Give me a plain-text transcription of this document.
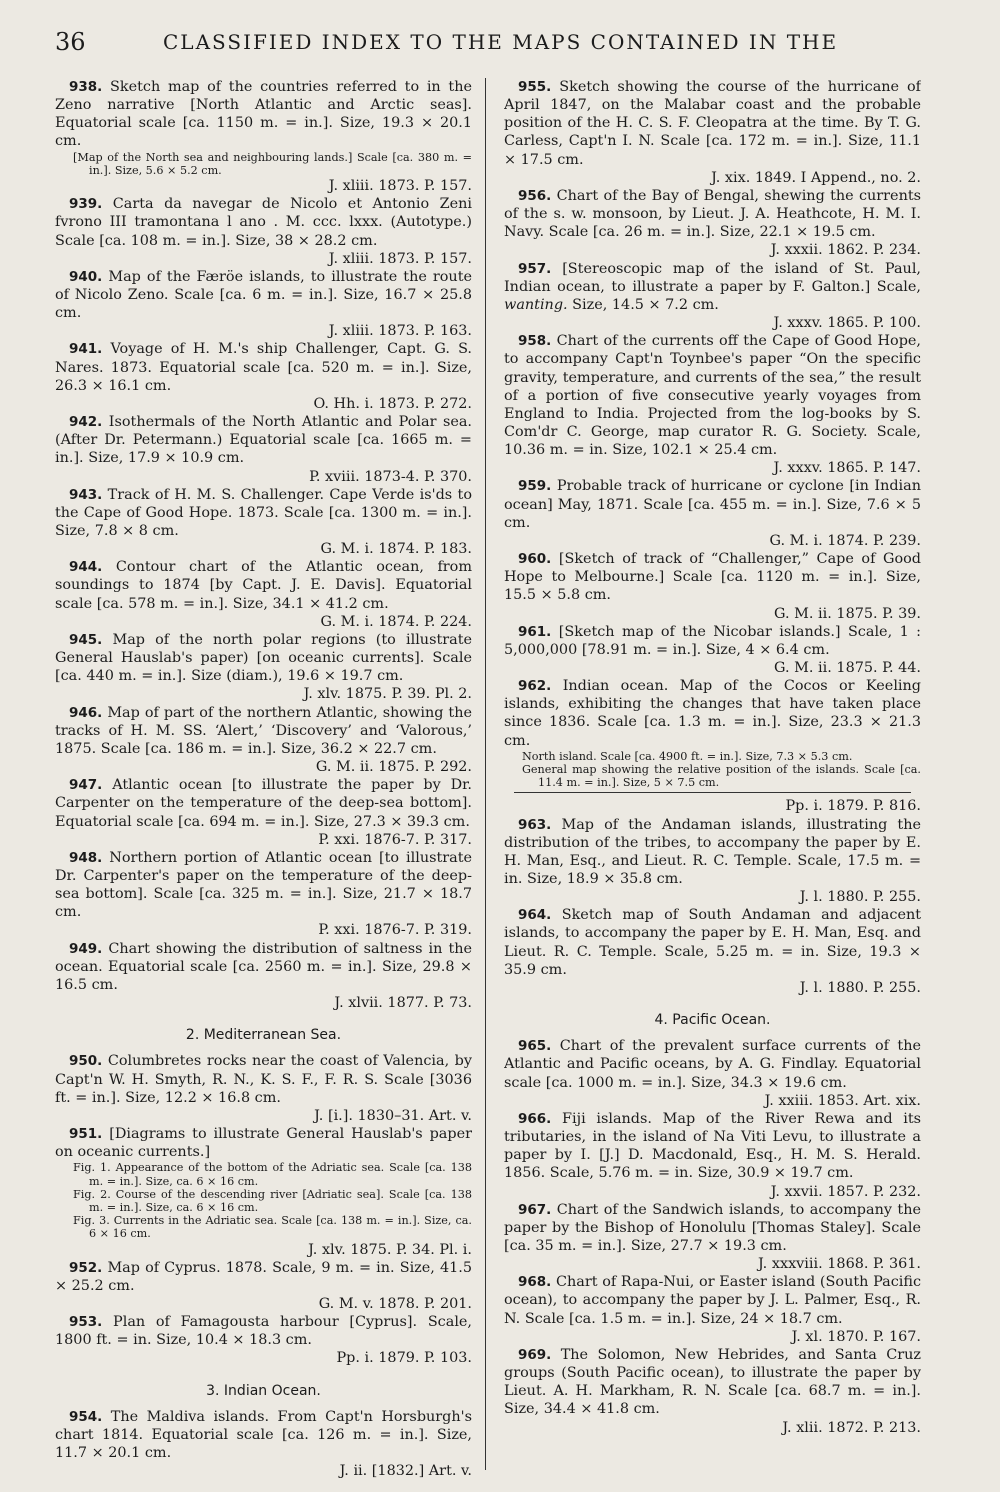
36	CLASSIFIED INDEX TO THE MAPS CONTAINED IN THE

938. Sketch map of the countries referred to in the Zeno narrative [North Atlantic and Arctic seas]. Equatorial scale [ca. 1150 m. = in.]. Size, 19.3 × 20.1 cm.

[Map of the North sea and neighbouring lands.] Scale [ca. 380 m. = in.]. Size, 5.6 × 5.2 cm.

J. xliii. 1873. P. 157.

939. Carta da navegar de Nicolo et Antonio Zeni fvrono III tramontana l ano . M. ccc. lxxx. (Autotype.) Scale [ca. 108 m. = in.]. Size, 38 × 28.2 cm.

J. xliii. 1873. P. 157.

940. Map of the Færöe islands, to illustrate the route of Nicolo Zeno. Scale [ca. 6 m. = in.]. Size, 16.7 × 25.8 cm.

J. xliii. 1873. P. 163.

941. Voyage of H. M.'s ship Challenger, Capt. G. S. Nares. 1873. Equatorial scale [ca. 520 m. = in.]. Size, 26.3 × 16.1 cm.

O. Hh. i. 1873. P. 272.

942. Isothermals of the North Atlantic and Polar sea. (After Dr. Petermann.) Equatorial scale [ca. 1665 m. = in.]. Size, 17.9 × 10.9 cm.

P. xviii. 1873-4. P. 370.

943. Track of H. M. S. Challenger. Cape Verde is'ds to the Cape of Good Hope. 1873. Scale [ca. 1300 m. = in.]. Size, 7.8 × 8 cm.

G. M. i. 1874. P. 183.

944. Contour chart of the Atlantic ocean, from soundings to 1874 [by Capt. J. E. Davis]. Equatorial scale [ca. 578 m. = in.]. Size, 34.1 × 41.2 cm.

G. M. i. 1874. P. 224.

945. Map of the north polar regions (to illustrate General Hauslab's paper) [on oceanic currents]. Scale [ca. 440 m. = in.]. Size (diam.), 19.6 × 19.7 cm.

J. xlv. 1875. P. 39. Pl. 2.

946. Map of part of the northern Atlantic, showing the tracks of H. M. SS. ‘Alert,’ ‘Discovery’ and ‘Valorous,’ 1875. Scale [ca. 186 m. = in.]. Size, 36.2 × 22.7 cm.

G. M. ii. 1875. P. 292.

947. Atlantic ocean [to illustrate the paper by Dr. Carpenter on the temperature of the deep-sea bottom]. Equatorial scale [ca. 694 m. = in.]. Size, 27.3 × 39.3 cm.

P. xxi. 1876-7. P. 317.

948. Northern portion of Atlantic ocean [to illustrate Dr. Carpenter's paper on the temperature of the deep-sea bottom]. Scale [ca. 325 m. = in.]. Size, 21.7 × 18.7 cm.

P. xxi. 1876-7. P. 319.

949. Chart showing the distribution of saltness in the ocean. Equatorial scale [ca. 2560 m. = in.]. Size, 29.8 × 16.5 cm.

J. xlvii. 1877. P. 73.
2. Mediterranean Sea.

950. Columbretes rocks near the coast of Valencia, by Capt'n W. H. Smyth, R. N., K. S. F., F. R. S. Scale [3036 ft. = in.]. Size, 12.2 × 16.8 cm.

J. [i.]. 1830–31. Art. v.

951. [Diagrams to illustrate General Hauslab's paper on oceanic currents.]

Fig. 1. Appearance of the bottom of the Adriatic sea. Scale [ca. 138 m. = in.]. Size, ca. 6 × 16 cm.

Fig. 2. Course of the descending river [Adriatic sea]. Scale [ca. 138 m. = in.]. Size, ca. 6 × 16 cm.

Fig. 3. Currents in the Adriatic sea. Scale [ca. 138 m. = in.]. Size, ca. 6 × 16 cm.

J. xlv. 1875. P. 34. Pl. i.

952. Map of Cyprus. 1878. Scale, 9 m. = in. Size, 41.5 × 25.2 cm.

G. M. v. 1878. P. 201.

953. Plan of Famagousta harbour [Cyprus]. Scale, 1800 ft. = in. Size, 10.4 × 18.3 cm.

Pp. i. 1879. P. 103.
3. Indian Ocean.

954. The Maldiva islands. From Capt'n Horsburgh's chart 1814. Equatorial scale [ca. 126 m. = in.]. Size, 11.7 × 20.1 cm.

J. ii. [1832.] Art. v.

955. Sketch showing the course of the hurricane of April 1847, on the Malabar coast and the probable position of the H. C. S. F. Cleopatra at the time. By T. G. Carless, Capt'n I. N. Scale [ca. 172 m. = in.]. Size, 11.1 × 17.5 cm.

J. xix. 1849. I Append., no. 2.

956. Chart of the Bay of Bengal, shewing the currents of the s. w. monsoon, by Lieut. J. A. Heathcote, H. M. I. Navy. Scale [ca. 26 m. = in.]. Size, 22.1 × 19.5 cm.

J. xxxii. 1862. P. 234.

957. [Stereoscopic map of the island of St. Paul, Indian ocean, to illustrate a paper by F. Galton.] Scale, wanting. Size, 14.5 × 7.2 cm.

J. xxxv. 1865. P. 100.

958. Chart of the currents off the Cape of Good Hope, to accompany Capt'n Toynbee's paper “On the specific gravity, temperature, and currents of the sea,” the result of a portion of five consecutive yearly voyages from England to India. Projected from the log-books by S. Com'dr C. George, map curator R. G. Society. Scale, 10.36 m. = in. Size, 102.1 × 25.4 cm.

J. xxxv. 1865. P. 147.

959. Probable track of hurricane or cyclone [in Indian ocean] May, 1871. Scale [ca. 455 m. = in.]. Size, 7.6 × 5 cm.

G. M. i. 1874. P. 239.

960. [Sketch of track of “Challenger,” Cape of Good Hope to Melbourne.] Scale [ca. 1120 m. = in.]. Size, 15.5 × 5.8 cm.

G. M. ii. 1875. P. 39.

961. [Sketch map of the Nicobar islands.] Scale, 1 : 5,000,000 [78.91 m. = in.]. Size, 4 × 6.4 cm.

G. M. ii. 1875. P. 44.

962. Indian ocean. Map of the Cocos or Keeling islands, exhibiting the changes that have taken place since 1836. Scale [ca. 1.3 m. = in.]. Size, 23.3 × 21.3 cm.

North island. Scale [ca. 4900 ft. = in.]. Size, 7.3 × 5.3 cm.

General map showing the relative position of the islands. Scale [ca. 11.4 m. = in.]. Size, 5 × 7.5 cm.

Pp. i. 1879. P. 816.

963. Map of the Andaman islands, illustrating the distribution of the tribes, to accompany the paper by E. H. Man, Esq., and Lieut. R. C. Temple. Scale, 17.5 m. = in. Size, 18.9 × 35.8 cm.

J. l. 1880. P. 255.

964. Sketch map of South Andaman and adjacent islands, to accompany the paper by E. H. Man, Esq. and Lieut. R. C. Temple. Scale, 5.25 m. = in. Size, 19.3 × 35.9 cm.

J. l. 1880. P. 255.
4. Pacific Ocean.

965. Chart of the prevalent surface currents of the Atlantic and Pacific oceans, by A. G. Findlay. Equatorial scale [ca. 1000 m. = in.]. Size, 34.3 × 19.6 cm.

J. xxiii. 1853. Art. xix.

966. Fiji islands. Map of the River Rewa and its tributaries, in the island of Na Viti Levu, to illustrate a paper by I. [J.] D. Macdonald, Esq., H. M. S. Herald. 1856. Scale, 5.76 m. = in. Size, 30.9 × 19.7 cm.

J. xxvii. 1857. P. 232.

967. Chart of the Sandwich islands, to accompany the paper by the Bishop of Honolulu [Thomas Staley]. Scale [ca. 35 m. = in.]. Size, 27.7 × 19.3 cm.

J. xxxviii. 1868. P. 361.

968. Chart of Rapa-Nui, or Easter island (South Pacific ocean), to accompany the paper by J. L. Palmer, Esq., R. N. Scale [ca. 1.5 m. = in.]. Size, 24 × 18.7 cm.

J. xl. 1870. P. 167.

969. The Solomon, New Hebrides, and Santa Cruz groups (South Pacific ocean), to illustrate the paper by Lieut. A. H. Markham, R. N. Scale [ca. 68.7 m. = in.]. Size, 34.4 × 41.8 cm.

J. xlii. 1872. P. 213.
